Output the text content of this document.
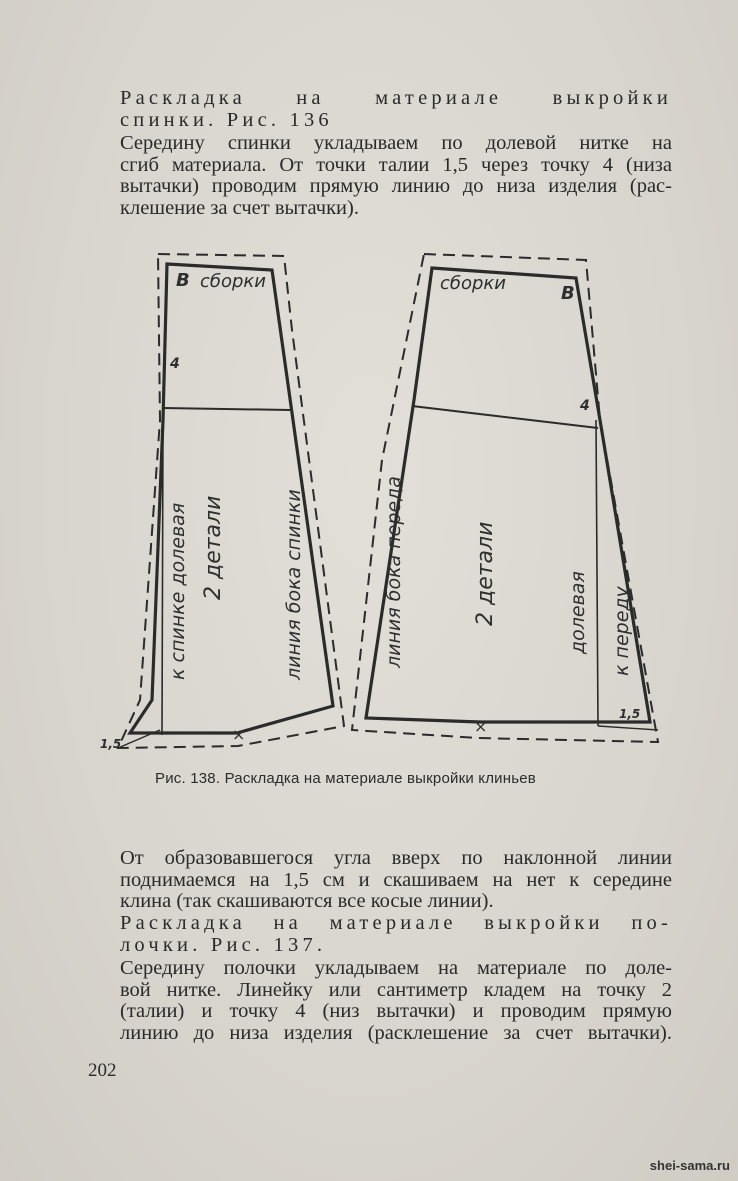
Раскладка на материале выкройки
спинки. Рис. 136
Середину спинки укладываем по долевой нитке на
сгиб материала. От точки талии 1,5 через точку 4 (низа
вытачки) проводим прямую линию до низа изделия (рас-
клешение за счет вытачки).
В сборки
4
к спинке долевая 2 детали	линия бока спинки
1,5	×
сборки	В
4
линия бока переда	2 детали	долевая к переду
1,5
×
Рис. 138. Раскладка на материале выкройки клиньев
От образовавшегося угла вверх по наклонной линии
поднимаемся на 1,5 см и скашиваем на нет к середине
клина (так скашиваются все косые линии).
Раскладка на материале выкройки по-
лочки. Рис. 137.
Середину полочки укладываем на материале по доле-
вой нитке. Линейку или сантиметр кладем на точку 2
(талии) и точку 4 (низ вытачки) и проводим прямую
линию до низа изделия (расклешение за счет вытачки).
202
shei-sama.ru
